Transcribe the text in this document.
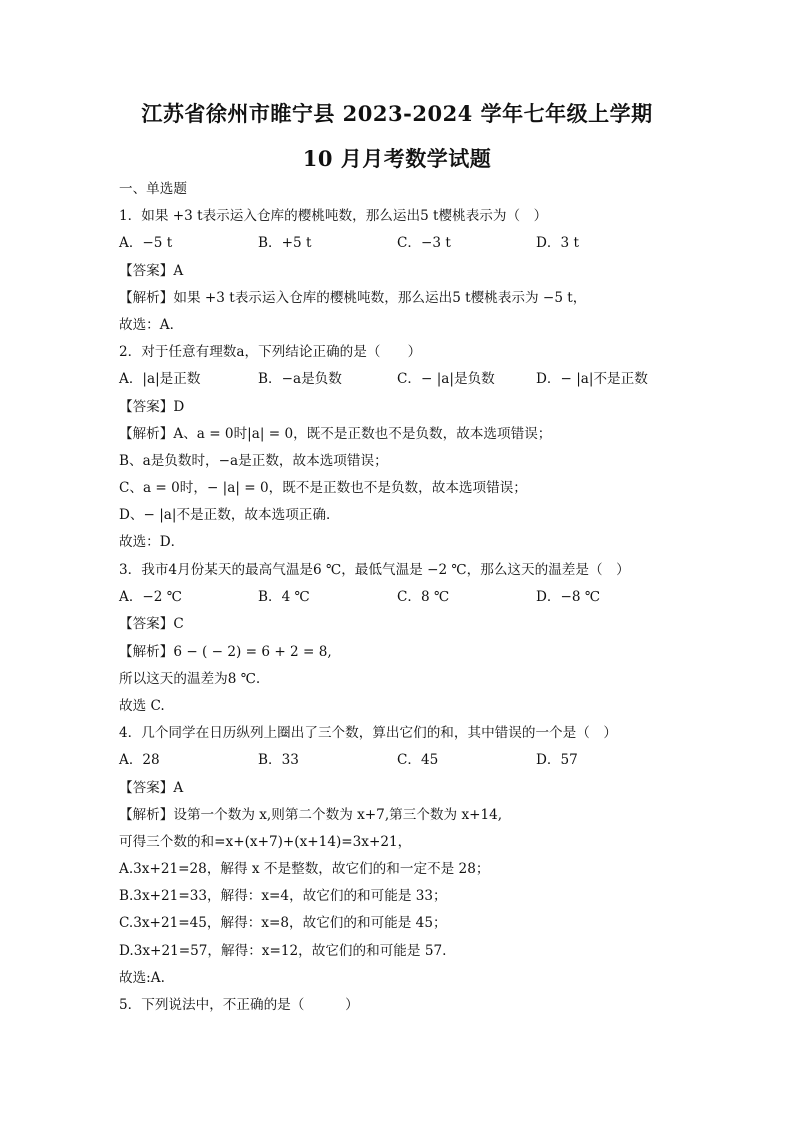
江苏省徐州市睢宁县 2023-2024 学年七年级上学期
10 月月考数学试题
一、单选题
1．如果 +3 t表示运入仓库的樱桃吨数，那么运出5 t樱桃表示为（　）
A．−5 t	B．+5 t	C．−3 t	D．3 t
【答案】A
【解析】如果 +3 t表示运入仓库的樱桃吨数，那么运出5 t樱桃表示为 −5 t，
故选：A．
2．对于任意有理数a，下列结论正确的是（　　）
A．|a|是正数	B．−a是负数	C．− |a|是负数	D．− |a|不是正数
【答案】D
【解析】A、a = 0时|a| = 0，既不是正数也不是负数，故本选项错误；
B、a是负数时，−a是正数，故本选项错误；
C、a = 0时，− |a| = 0，既不是正数也不是负数，故本选项错误；
D、− |a|不是正数，故本选项正确．
故选：D．
3．我市4月份某天的最高气温是6 ℃，最低气温是 −2 ℃，那么这天的温差是（　）
A．−2 ℃	B．4 ℃	C．8 ℃	D．−8 ℃
【答案】C
【解析】6 − ( − 2) = 6 + 2 = 8,
所以这天的温差为8 ℃.
故选 C.
4．几个同学在日历纵列上圈出了三个数，算出它们的和，其中错误的一个是（　）
A．28	B．33	C．45	D．57
【答案】A
【解析】设第一个数为 x,则第二个数为 x+7,第三个数为 x+14,
可得三个数的和=x+(x+7)+(x+14)=3x+21，
A.3x+21=28，解得 x 不是整数，故它们的和一定不是 28；
B.3x+21=33，解得：x=4，故它们的和可能是 33；
C.3x+21=45，解得：x=8，故它们的和可能是 45；
D.3x+21=57，解得：x=12，故它们的和可能是 57.
故选:A.
5．下列说法中，不正确的是（　　　）
